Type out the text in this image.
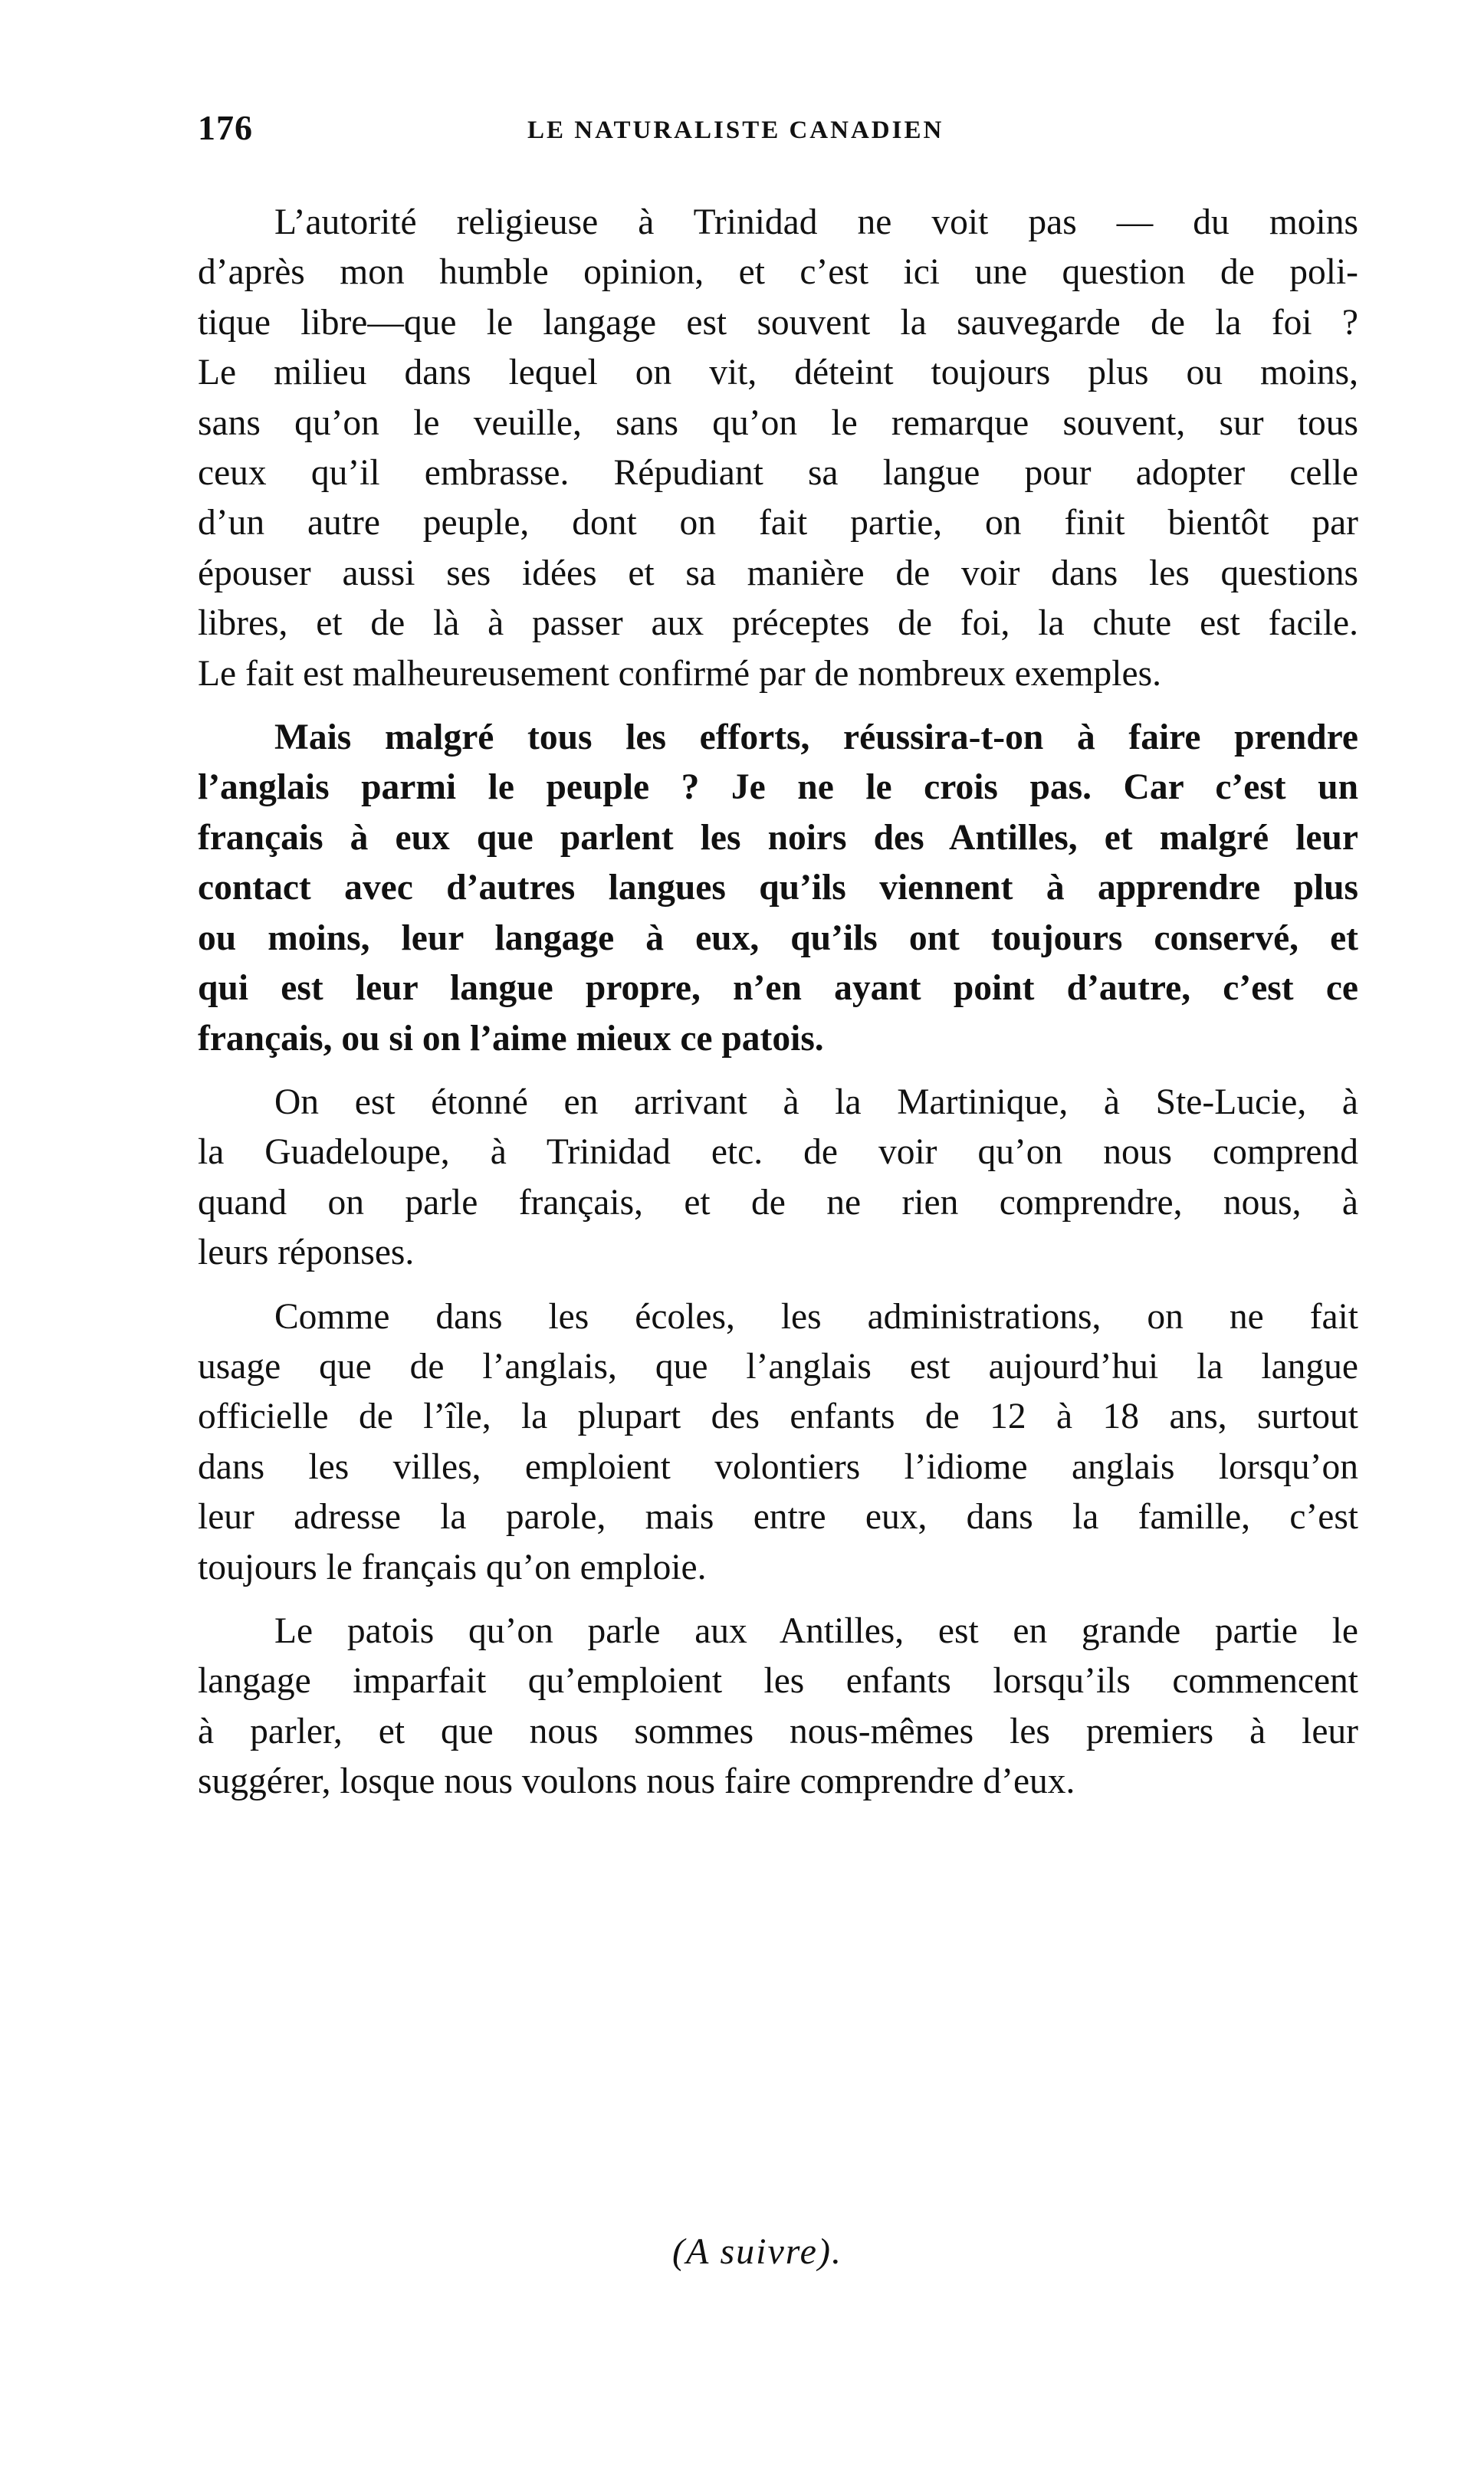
176	LE NATURALISTE CANADIEN

L’autorité religieuse à Trinidad ne voit pas — du moins
d’après mon humble opinion, et c’est ici une question de poli-
tique libre—que le langage est souvent la sauvegarde de la foi ?
Le milieu dans lequel on vit, déteint toujours plus ou moins,
sans qu’on le veuille, sans qu’on le remarque souvent, sur tous
ceux qu’il embrasse. Répudiant sa langue pour adopter celle
d’un autre peuple, dont on fait partie, on finit bientôt par
épouser aussi ses idées et sa manière de voir dans les questions
libres, et de là à passer aux préceptes de foi, la chute est facile.
Le fait est malheureusement confirmé par de nombreux exemples.

Mais malgré tous les efforts, réussira-t-on à faire prendre
l’anglais parmi le peuple ? Je ne le crois pas. Car c’est un
français à eux que parlent les noirs des Antilles, et malgré leur
contact avec d’autres langues qu’ils viennent à apprendre plus
ou moins, leur langage à eux, qu’ils ont toujours conservé, et
qui est leur langue propre, n’en ayant point d’autre, c’est ce
français, ou si on l’aime mieux ce patois.

On est étonné en arrivant à la Martinique, à Ste-Lucie, à
la Guadeloupe, à Trinidad etc. de voir qu’on nous comprend
quand on parle français, et de ne rien comprendre, nous, à
leurs réponses.

Comme dans les écoles, les administrations, on ne fait
usage que de l’anglais, que l’anglais est aujourd’hui la langue
officielle de l’île, la plupart des enfants de 12 à 18 ans, surtout
dans les villes, emploient volontiers l’idiome anglais lorsqu’on
leur adresse la parole, mais entre eux, dans la famille, c’est
toujours le français qu’on emploie.

Le patois qu’on parle aux Antilles, est en grande partie le
langage imparfait qu’emploient les enfants lorsqu’ils commencent
à parler, et que nous sommes nous-mêmes les premiers à leur
suggérer, losque nous voulons nous faire comprendre d’eux.

(A suivre).
